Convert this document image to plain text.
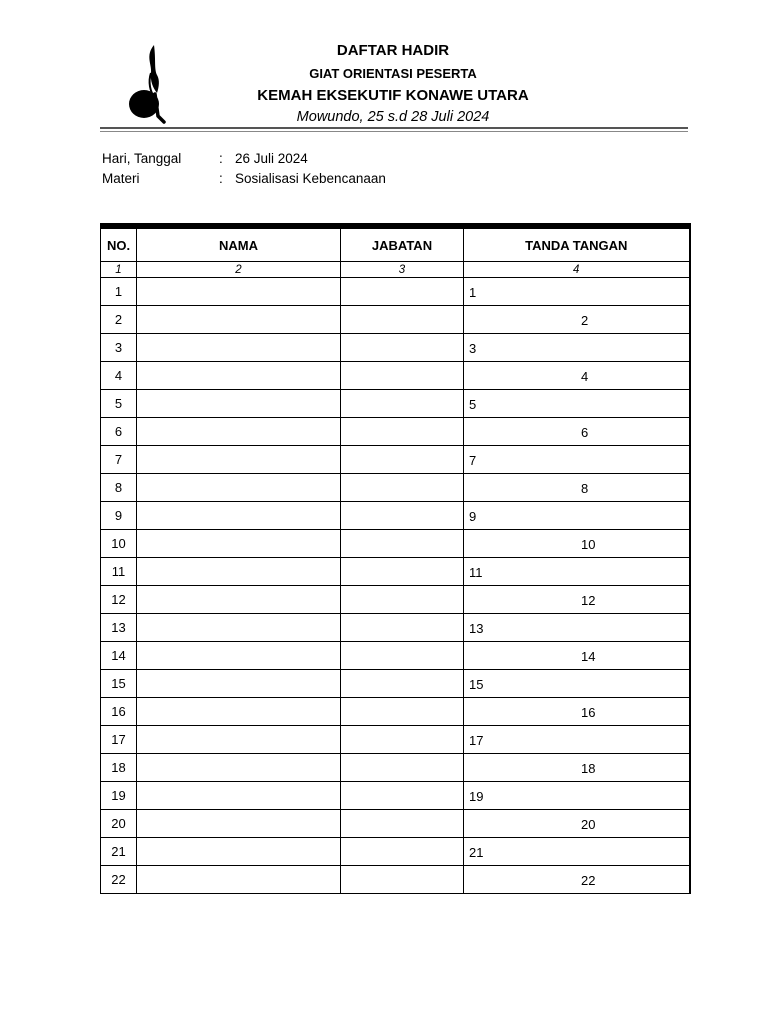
DAFTAR HADIR
GIAT ORIENTASI PESERTA
KEMAH EKSEKUTIF KONAWE UTARA
Mowundo, 25 s.d 28 Juli 2024
Hari, Tanggal	: 26 Juli 2024
Materi	: Sosialisasi Kebencanaan
NO.	NAMA	JABATAN	TANDA TANGAN
1	2	3	4
1			1

2			2

3			3

4			4

5			5

6			6

7			7

8			8

9			9

10			10

11			11

12			12

13			13

14			14

15			15

16			16

17			17

18			18

19			19

20			20

21			21

22			22
